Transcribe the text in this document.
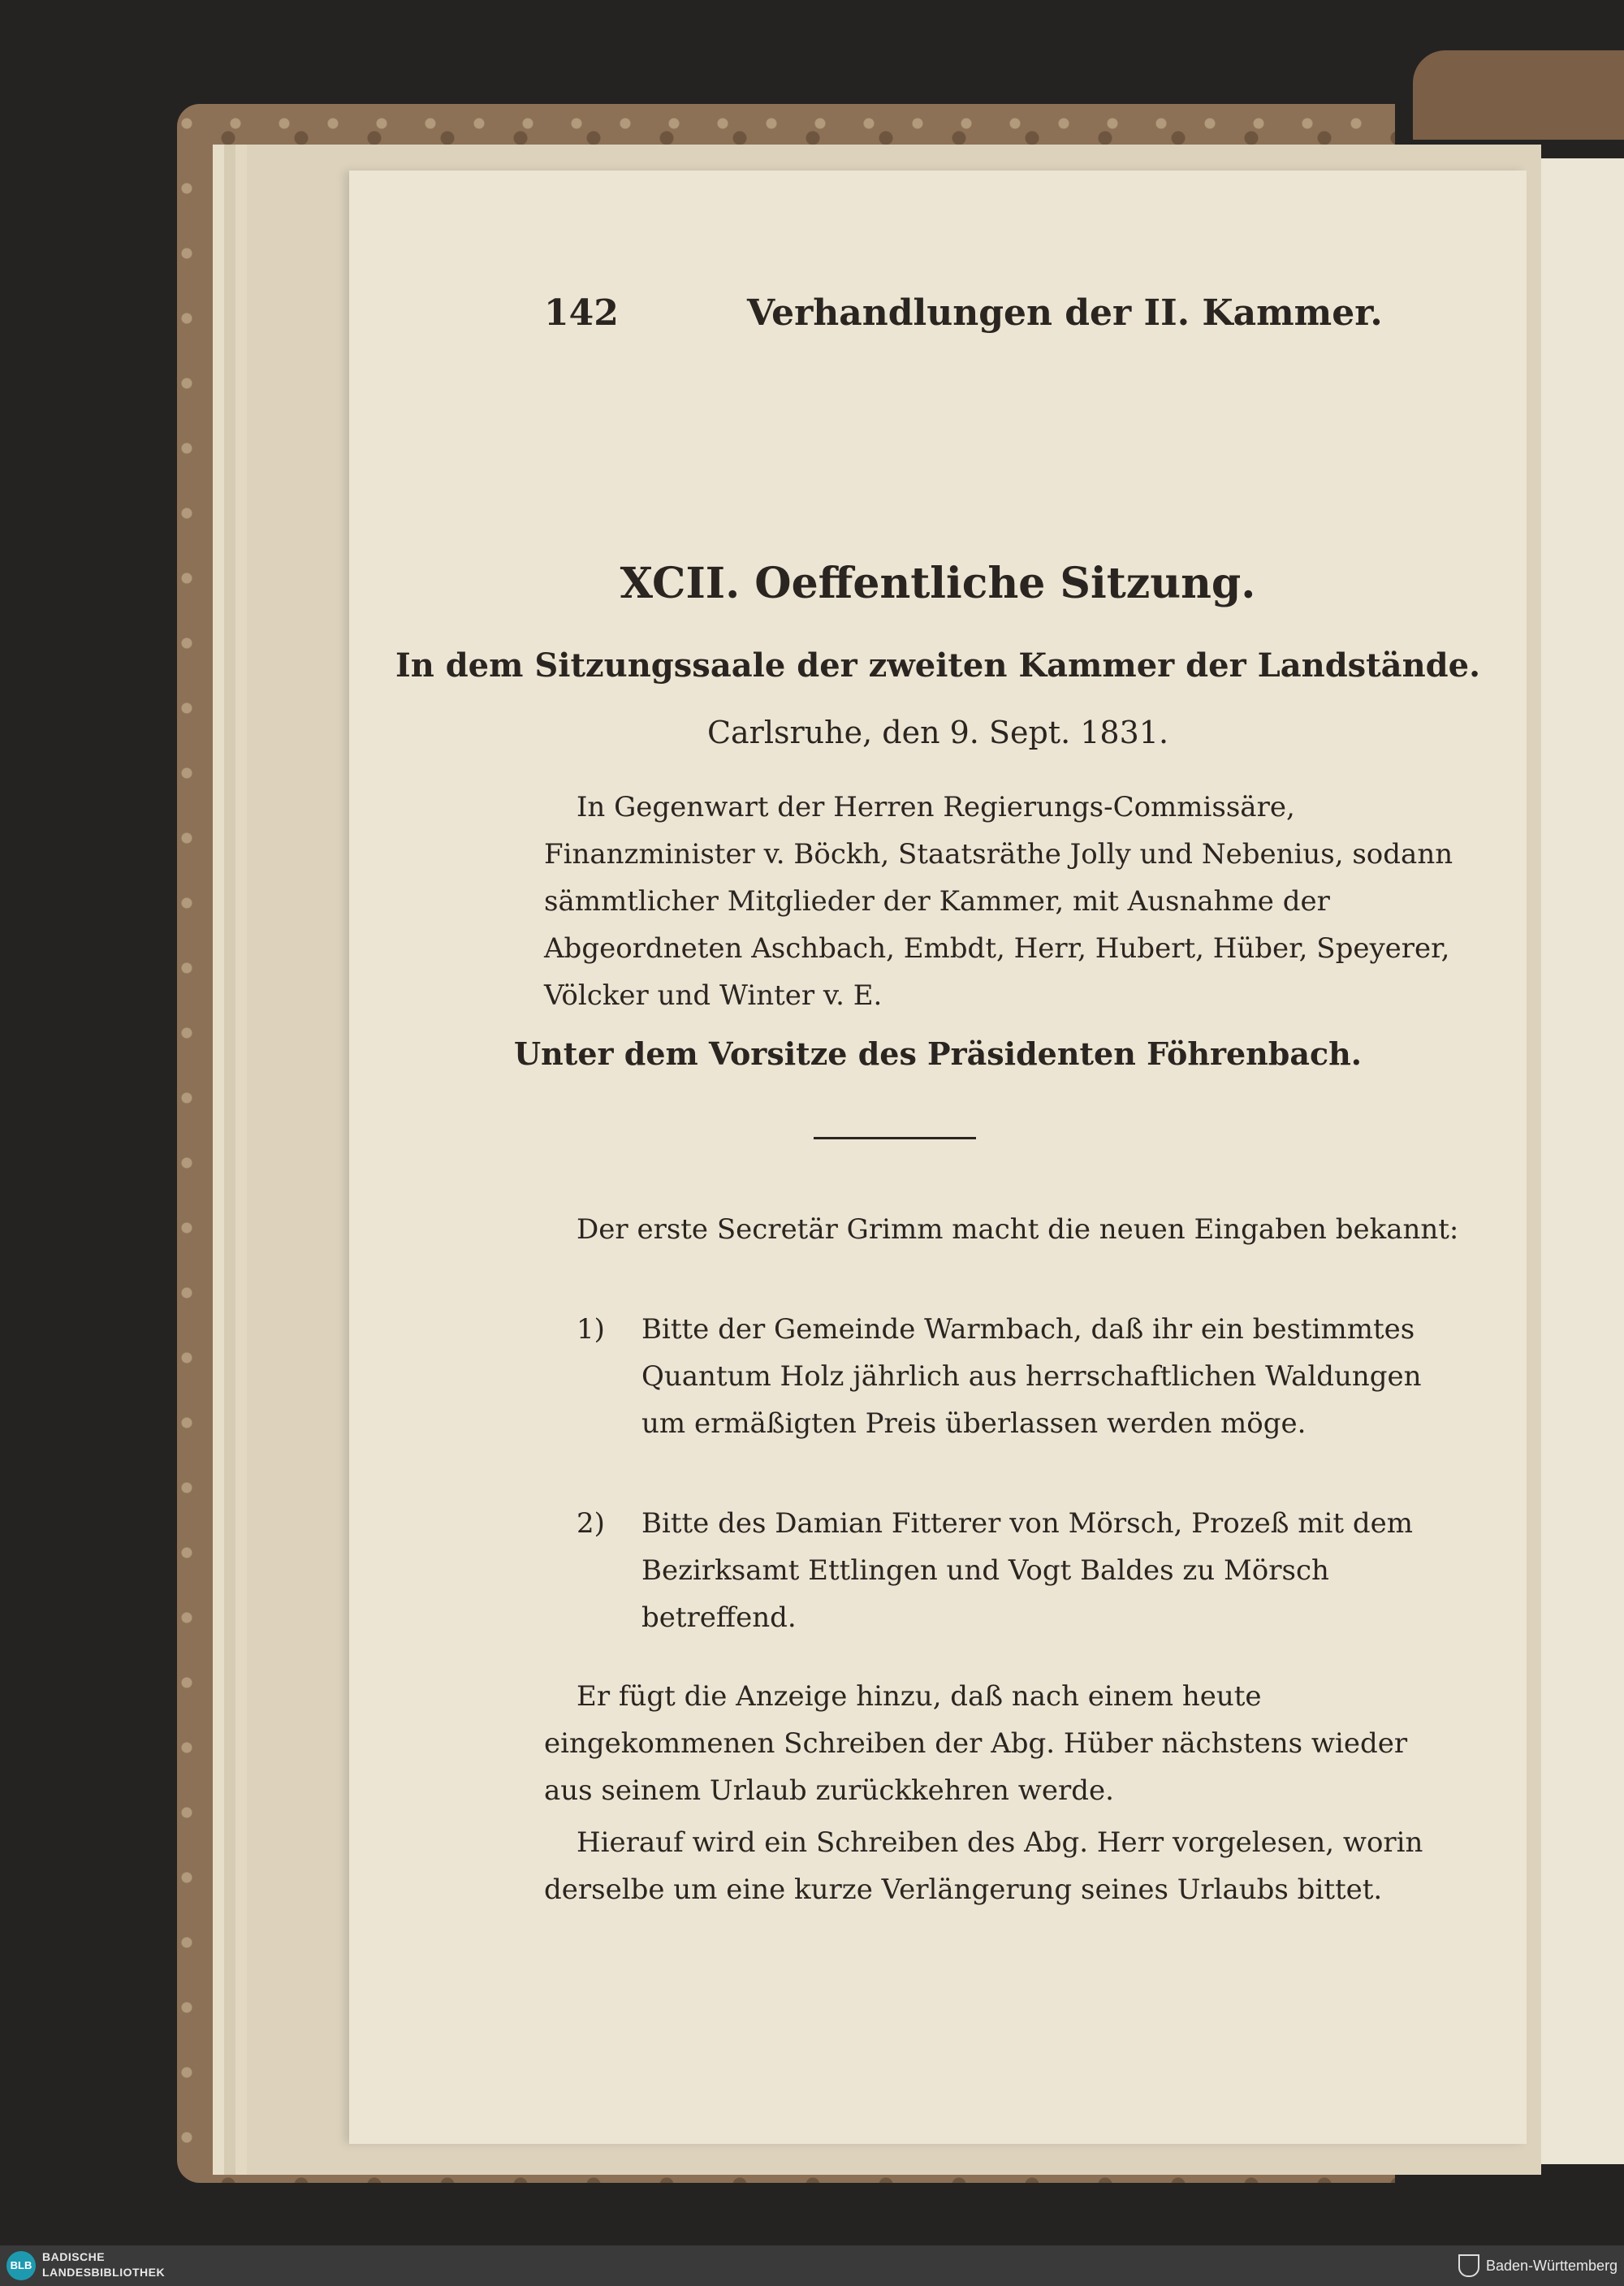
142	Verhandlungen der II. Kammer.
XCII. Oeffentliche Sitzung.
In dem Sitzungssaale der zweiten Kammer der Landstände.
Carlsruhe, den 9. Sept. 1831.
In Gegenwart der Herren Regierungs-Commissäre, Finanzminister v. Böckh, Staatsräthe Jolly und Nebenius, sodann sämmtlicher Mitglieder der Kammer, mit Ausnahme der Abgeordneten Aschbach, Embdt, Herr, Hubert, Hüber, Speyerer, Völcker und Winter v. E.
Unter dem Vorsitze des Präsidenten Föhrenbach.
Der erste Secretär Grimm macht die neuen Eingaben bekannt:
1) Bitte der Gemeinde Warmbach, daß ihr ein bestimmtes Quantum Holz jährlich aus herrschaftlichen Waldungen um ermäßigten Preis überlassen werden möge.
2) Bitte des Damian Fitterer von Mörsch, Prozeß mit dem Bezirksamt Ettlingen und Vogt Baldes zu Mörsch betreffend.
Er fügt die Anzeige hinzu, daß nach einem heute eingekommenen Schreiben der Abg. Hüber nächstens wieder aus seinem Urlaub zurückkehren werde.
Hierauf wird ein Schreiben des Abg. Herr vorgelesen, worin derselbe um eine kurze Verlängerung seines Urlaubs bittet.
BLB
BADISCHE
LANDESBIBLIOTHEK	Baden-Württemberg
